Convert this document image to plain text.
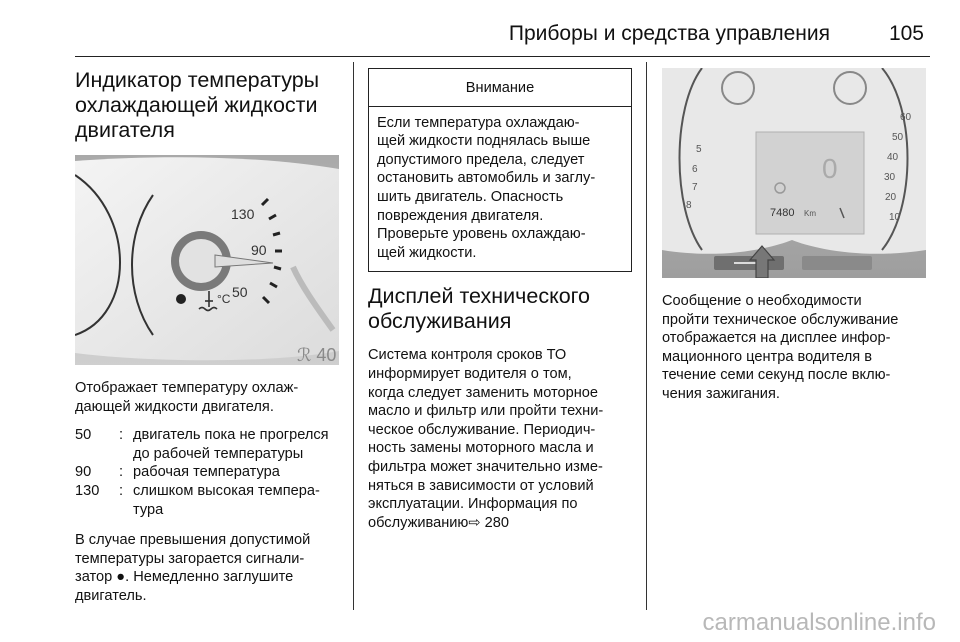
Приборы и средства управления	105
Индикатор температуры
охлаждающей жидкости
двигателя
°C
130
90
50
ℛ 40

Отображает температуру охлаж-
дающей жидкости двигателя.

50	: двигатель пока не прогрелся
до рабочей температуры
90	: рабочая температура
130	: слишком высокая темпера-
тура

В случае превышения допустимой
температуры загорается сигнали-
затор ●. Немедленно заглушите
двигатель.

Внимание
Если температура охлаждаю-
щей жидкости поднялась выше
допустимого предела, следует
остановить автомобиль и заглу-
шить двигатель. Опасность
повреждения двигателя.
Проверьте уровень охлаждаю-
щей жидкости.
Дисплей технического
обслуживания

Система контроля сроков ТО
информирует водителя о том,
когда следует заменить моторное
масло и фильтр или пройти техни-
ческое обслуживание. Периодич-
ность замены моторного масла и
фильтра может значительно изме-
няться в зависимости от условий
эксплуатации. Информация по
обслуживанию⇨ 280

60
50
40
30
20
10
5
6
7
8
0
7480 Km

Сообщение о необходимости
пройти техническое обслуживание
отображается на дисплее инфор-
мационного центра водителя в
течение семи секунд после вклю-
чения зажигания.

carmanualsonline.info
